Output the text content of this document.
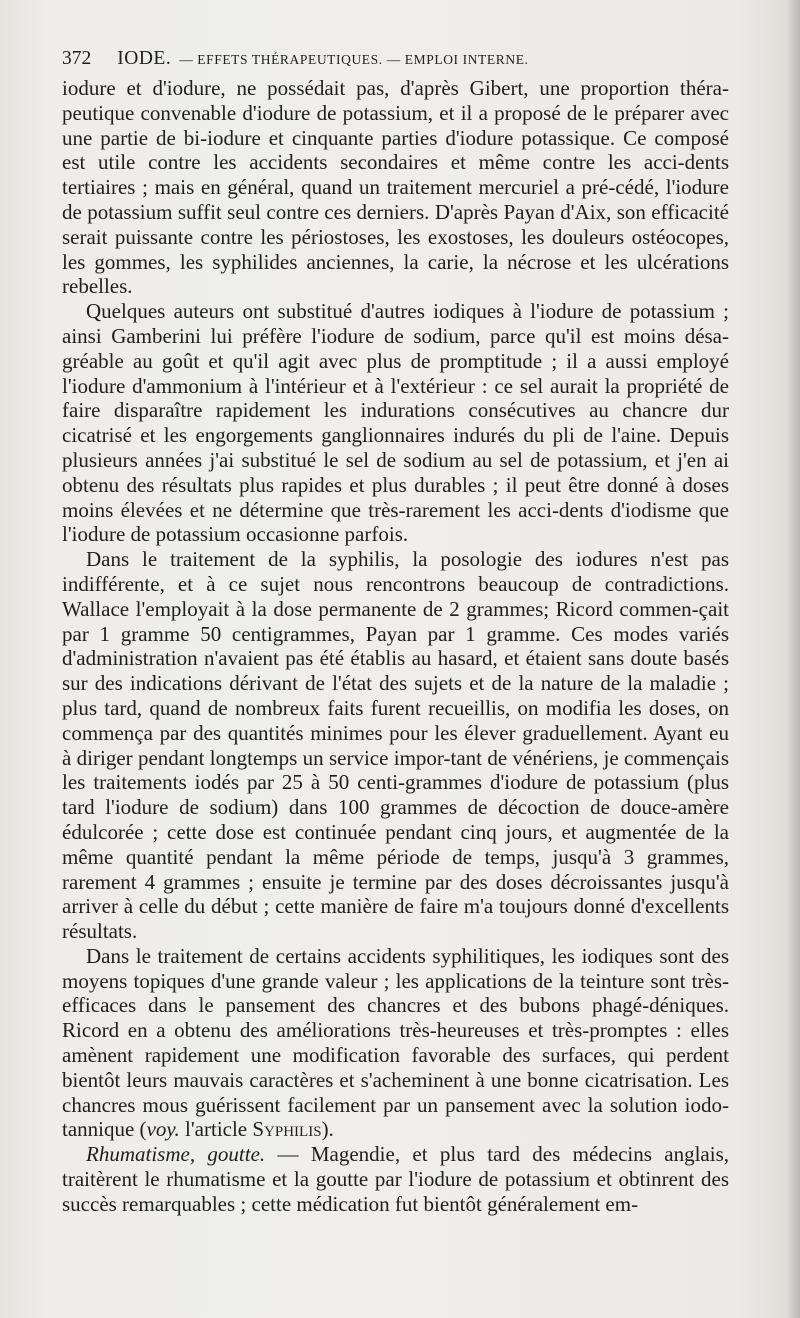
372 IODE. — EFFETS THÉRAPEUTIQUES. — EMPLOI INTERNE.

iodure et d'iodure, ne possédait pas, d'après Gibert, une proportion théra-peutique convenable d'iodure de potassium, et il a proposé de le préparer avec une partie de bi-iodure et cinquante parties d'iodure potassique. Ce composé est utile contre les accidents secondaires et même contre les acci-dents tertiaires ; mais en général, quand un traitement mercuriel a pré-cédé, l'iodure de potassium suffit seul contre ces derniers. D'après Payan d'Aix, son efficacité serait puissante contre les périostoses, les exostoses, les douleurs ostéocopes, les gommes, les syphilides anciennes, la carie, la nécrose et les ulcérations rebelles.

Quelques auteurs ont substitué d'autres iodiques à l'iodure de potassium ; ainsi Gamberini lui préfère l'iodure de sodium, parce qu'il est moins désa-gréable au goût et qu'il agit avec plus de promptitude ; il a aussi employé l'iodure d'ammonium à l'intérieur et à l'extérieur : ce sel aurait la propriété de faire disparaître rapidement les indurations consécutives au chancre dur cicatrisé et les engorgements ganglionnaires indurés du pli de l'aine. Depuis plusieurs années j'ai substitué le sel de sodium au sel de potassium, et j'en ai obtenu des résultats plus rapides et plus durables ; il peut être donné à doses moins élevées et ne détermine que très-rarement les acci-dents d'iodisme que l'iodure de potassium occasionne parfois.

Dans le traitement de la syphilis, la posologie des iodures n'est pas indifférente, et à ce sujet nous rencontrons beaucoup de contradictions. Wallace l'employait à la dose permanente de 2 grammes; Ricord commen-çait par 1 gramme 50 centigrammes, Payan par 1 gramme. Ces modes variés d'administration n'avaient pas été établis au hasard, et étaient sans doute basés sur des indications dérivant de l'état des sujets et de la nature de la maladie ; plus tard, quand de nombreux faits furent recueillis, on modifia les doses, on commença par des quantités minimes pour les élever graduellement. Ayant eu à diriger pendant longtemps un service impor-tant de vénériens, je commençais les traitements iodés par 25 à 50 centi-grammes d'iodure de potassium (plus tard l'iodure de sodium) dans 100 grammes de décoction de douce-amère édulcorée ; cette dose est continuée pendant cinq jours, et augmentée de la même quantité pendant la même période de temps, jusqu'à 3 grammes, rarement 4 grammes ; ensuite je termine par des doses décroissantes jusqu'à arriver à celle du début ; cette manière de faire m'a toujours donné d'excellents résultats.

Dans le traitement de certains accidents syphilitiques, les iodiques sont des moyens topiques d'une grande valeur ; les applications de la teinture sont très-efficaces dans le pansement des chancres et des bubons phagé-déniques. Ricord en a obtenu des améliorations très-heureuses et très-promptes : elles amènent rapidement une modification favorable des surfaces, qui perdent bientôt leurs mauvais caractères et s'acheminent à une bonne cicatrisation. Les chancres mous guérissent facilement par un pansement avec la solution iodo-tannique (voy. l'article Syphilis).

Rhumatisme, goutte. — Magendie, et plus tard des médecins anglais, traitèrent le rhumatisme et la goutte par l'iodure de potassium et obtinrent des succès remarquables ; cette médication fut bientôt généralement em-
